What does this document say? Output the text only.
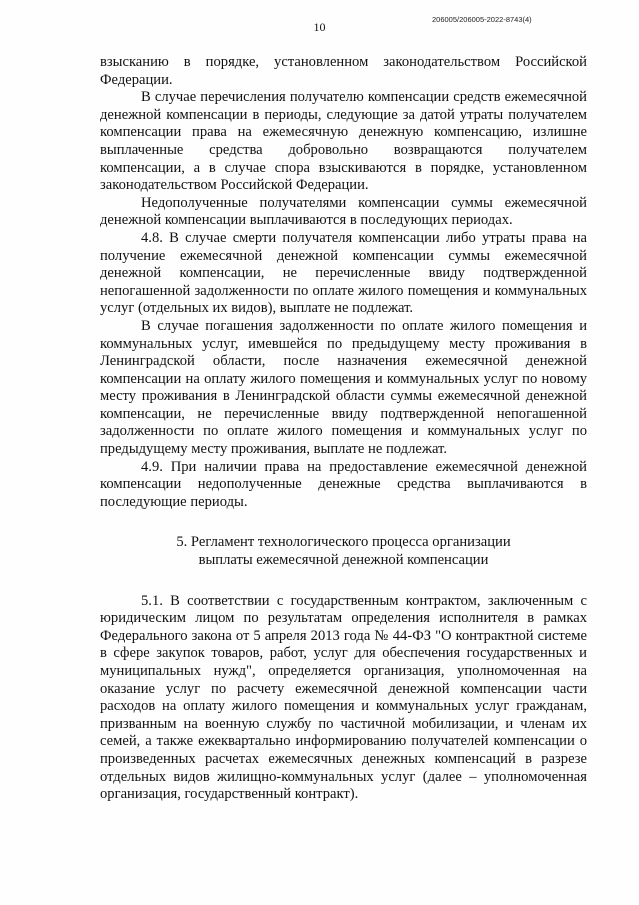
10
206005/206005-2022-8743(4)

взысканию в порядке, установленном законодательством Российской Федерации.

В случае перечисления получателю компенсации средств ежемесячной денежной компенсации в периоды, следующие за датой утраты получателем компенсации права на ежемесячную денежную компенсацию, излишне выплаченные средства добровольно возвращаются получателем компенсации, а в случае спора взыскиваются в порядке, установленном законодательством Российской Федерации.

Недополученные получателями компенсации суммы ежемесячной денежной компенсации выплачиваются в последующих периодах.

4.8. В случае смерти получателя компенсации либо утраты права на получение ежемесячной денежной компенсации суммы ежемесячной денежной компенсации, не перечисленные ввиду подтвержденной непогашенной задолженности по оплате жилого помещения и коммунальных услуг (отдельных их видов), выплате не подлежат.

В случае погашения задолженности по оплате жилого помещения и коммунальных услуг, имевшейся по предыдущему месту проживания в Ленинградской области, после назначения ежемесячной денежной компенсации на оплату жилого помещения и коммунальных услуг по новому месту проживания в Ленинградской области суммы ежемесячной денежной компенсации, не перечисленные ввиду подтвержденной непогашенной задолженности по оплате жилого помещения и коммунальных услуг по предыдущему месту проживания, выплате не подлежат.

4.9. При наличии права на предоставление ежемесячной денежной компенсации недополученные денежные средства выплачиваются в последующие периоды.

5. Регламент технологического процесса организации
выплаты ежемесячной денежной компенсации

5.1. В соответствии с государственным контрактом, заключенным с юридическим лицом по результатам определения исполнителя в рамках Федерального закона от 5 апреля 2013 года № 44-ФЗ "О контрактной системе в сфере закупок товаров, работ, услуг для обеспечения государственных и муниципальных нужд", определяется организация, уполномоченная на оказание услуг по расчету ежемесячной денежной компенсации части расходов на оплату жилого помещения и коммунальных услуг гражданам, призванным на военную службу по частичной мобилизации, и членам их семей, а также ежеквартально информированию получателей компенсации о произведенных расчетах ежемесячных денежных компенсаций в разрезе отдельных видов жилищно-коммунальных услуг (далее – уполномоченная организация, государственный контракт).
